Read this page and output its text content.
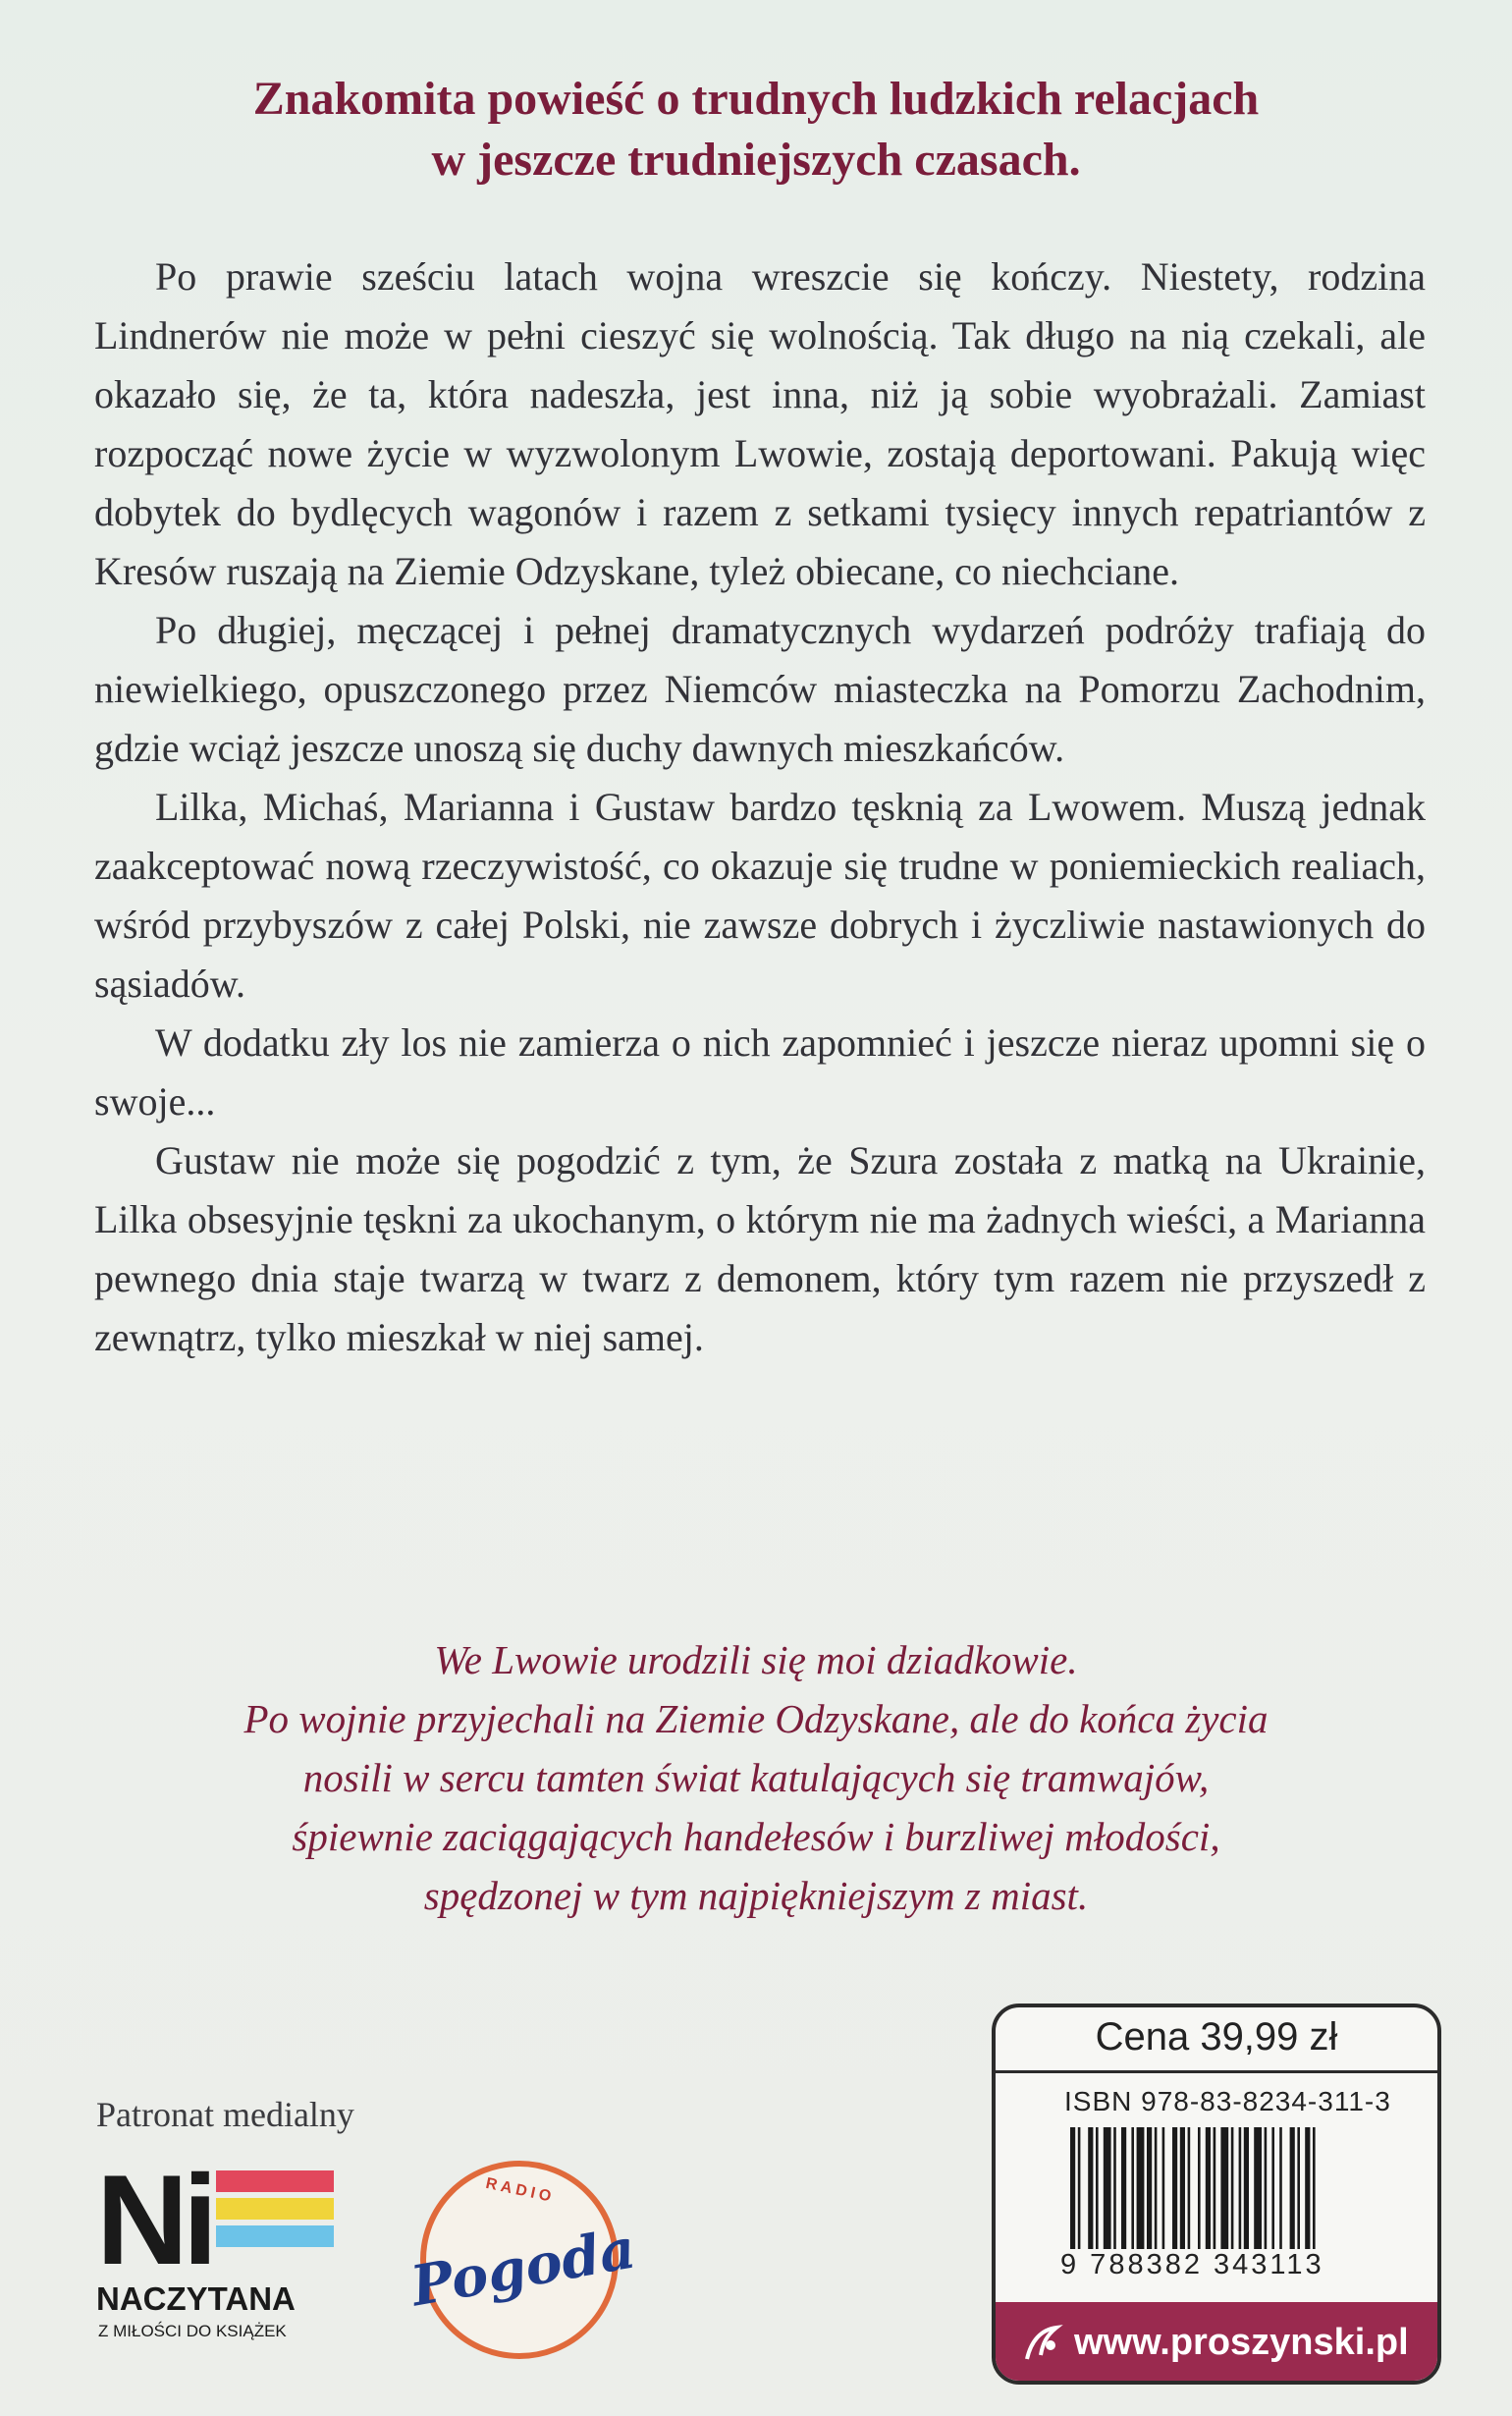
Znakomita powieść o trudnych ludzkich relacjach
w jeszcze trudniejszych czasach.

Po prawie sześciu latach wojna wreszcie się kończy. Niestety, rodzina Lindnerów nie może w pełni cieszyć się wolnością. Tak długo na nią czekali, ale okazało się, że ta, która nadeszła, jest inna, niż ją sobie wyobrażali. Zamiast rozpocząć nowe życie w wyzwolonym Lwowie, zostają deportowani. Pakują więc dobytek do bydlęcych wagonów i razem z setkami tysięcy innych repatriantów z Kresów ruszają na Ziemie Odzyskane, tyleż obiecane, co niechciane.

Po długiej, męczącej i pełnej dramatycznych wydarzeń podróży trafiają do niewielkiego, opuszczonego przez Niemców miasteczka na Pomorzu Zachodnim, gdzie wciąż jeszcze unoszą się duchy dawnych mieszkańców.

Lilka, Michaś, Marianna i Gustaw bardzo tęsknią za Lwowem. Muszą jednak zaakceptować nową rzeczywistość, co okazuje się trudne w poniemieckich realiach, wśród przybyszów z całej Polski, nie zawsze dobrych i życzliwie nastawionych do sąsiadów.

W dodatku zły los nie zamierza o nich zapomnieć i jeszcze nieraz upomni się o swoje...

Gustaw nie może się pogodzić z tym, że Szura została z matką na Ukrainie, Lilka obsesyjnie tęskni za ukochanym, o którym nie ma żadnych wieści, a Marianna pewnego dnia staje twarzą w twarz z demonem, który tym razem nie przyszedł z zewnątrz, tylko mieszkał w niej samej.

We Lwowie urodzili się moi dziadkowie.
Po wojnie przyjechali na Ziemie Odzyskane, ale do końca życia
nosili w sercu tamten świat katulających się tramwajów,
śpiewnie zaciągających handełesów i burzliwej młodości,
spędzonej w tym najpiękniejszym z miast.
Patronat medialny
Ni
NACZYTANA
Z MIŁOŚCI DO KSIĄŻEK
RADIO
Pogoda
Cena 39,99 zł
ISBN 978-83-8234-311-3
9 788382 343113
www.proszynski.pl
